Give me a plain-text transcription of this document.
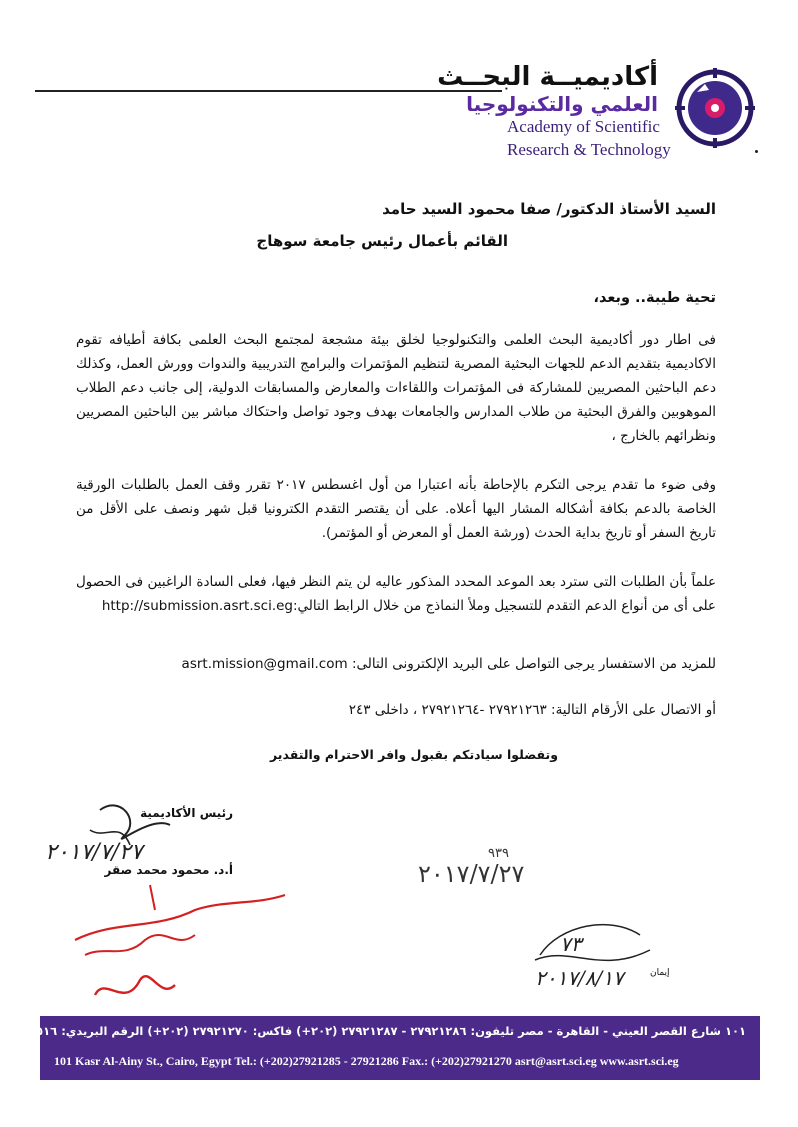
أكاديميــة البحــث
العلمي والتكنولوجيا
Academy of Scientific
Research & Technology
السيد الأستاذ الدكتور/ صفا محمود السيد حامد
القائم بأعمال رئيس جامعة سوهاج
تحية طيبة.. وبعد،
فى اطار دور أكاديمية البحث العلمى والتكنولوجيا لخلق بيئة مشجعة لمجتمع البحث العلمى بكافة أطيافه تقوم الاكاديمية بتقديم الدعم للجهات البحثية المصرية لتنظيم المؤتمرات والبرامج التدريبية والندوات وورش العمل، وكذلك دعم الباحثين المصريين للمشاركة فى المؤتمرات واللقاءات والمعارض والمسابقات الدولية، إلى جانب دعم الطلاب الموهوبين والفرق البحثية من طلاب المدارس والجامعات بهدف وجود تواصل واحتكاك مباشر بين الباحثين المصريين ونظرائهم بالخارج ،
وفى ضوء ما تقدم يرجى التكرم بالإحاطة بأنه اعتبارا من أول اغسطس ٢٠١٧ تقرر وقف العمل بالطلبات الورقية الخاصة بالدعم بكافة أشكاله المشار اليها أعلاه. على أن يقتصر التقدم الكترونيا قبل شهر ونصف على الأقل من تاريخ السفر أو تاريخ بداية الحدث (ورشة العمل أو المعرض أو المؤتمر).
علماً بأن الطلبات التى سترد بعد الموعد المحدد المذكور عاليه لن يتم النظر فيها، فعلى السادة الراغبين فى الحصول على أى من أنواع الدعم التقدم للتسجيل وملأ النماذج من خلال الرابط التالي:http://submission.asrt.sci.eg
للمزيد من الاستفسار يرجى التواصل على البريد الإلكترونى التالى: asrt.mission@gmail.com
أو الاتصال على الأرقام التالية: ٢٧٩٢١٢٦٣ -٢٧٩٢١٢٦٤ ، داخلى ٢٤٣
وتفضلوا سيادتكم بقبول وافر الاحترام والتقدير
رئيس الأكاديمية
أ.د. محمود محمد صقر
٢٠١٧/٧/٢٧	٩٣٩
٢٠١٧/٧/٢٧
٧٣
٢٠١٧/٨/١٧	إيمان
١٠١ شارع القصر العيني - القاهرة - مصر تليفون: ٢٧٩٢١٢٨٦ - ٢٧٩٢١٢٨٧ (٢٠٢+) فاكس: ٢٧٩٢١٢٧٠ (٢٠٢+) الرقم البريدي: ١١٥١٦
101 Kasr Al-Ainy St., Cairo, Egypt Tel.: (+202)27921285 - 27921286 Fax.: (+202)27921270 asrt@asrt.sci.eg www.asrt.sci.eg
